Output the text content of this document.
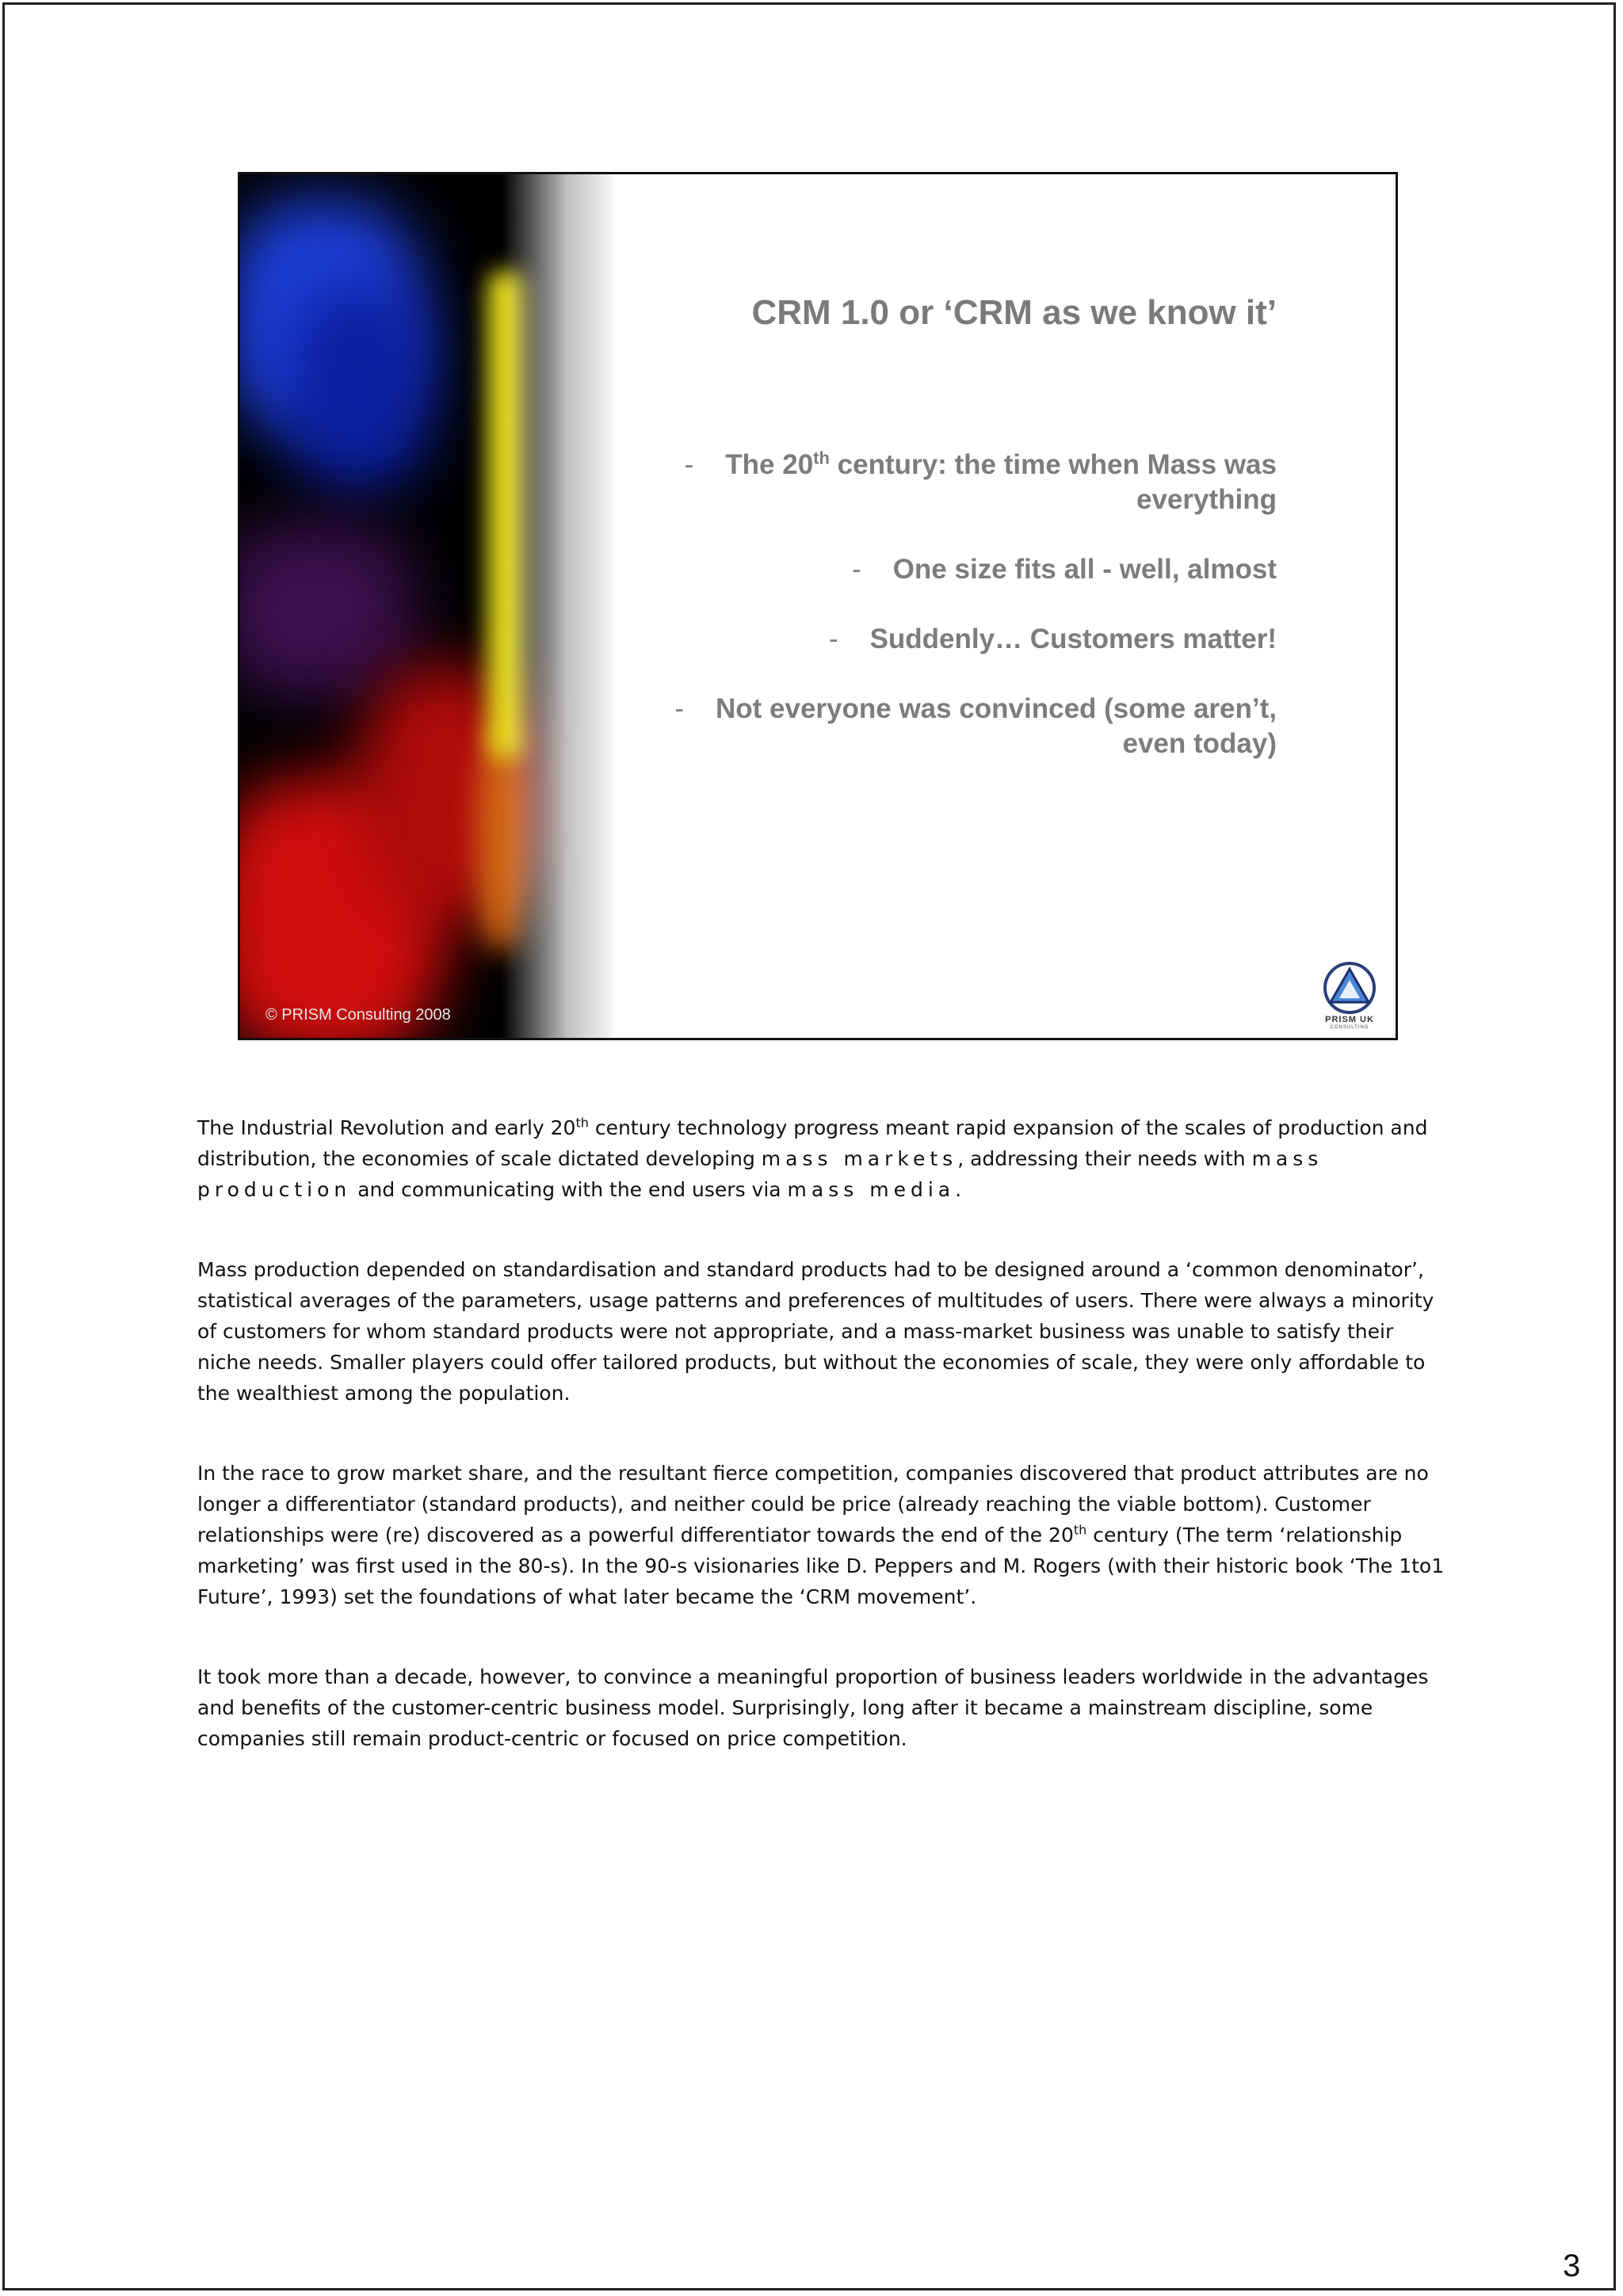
© PRISM Consulting 2008
CRM 1.0 or ‘CRM as we know it’
- The 20th century: the time when Mass was everything
- One size fits all - well, almost
- Suddenly… Customers matter!
- Not everyone was convinced (some aren’t, even today)
PRISM UK
CONSULTING

The Industrial Revolution and early 20th century technology progress meant rapid expansion of the scales of production and distribution, the economies of scale dictated developing mass markets, addressing their needs with mass production and communicating with the end users via mass media.

Mass production depended on standardisation and standard products had to be designed around a ‘common denominator’, statistical averages of the parameters, usage patterns and preferences of multitudes of users. There were always a minority of customers for whom standard products were not appropriate, and a mass-market business was unable to satisfy their niche needs. Smaller players could offer tailored products, but without the economies of scale, they were only affordable to the wealthiest among the population.

In the race to grow market share, and the resultant fierce competition, companies discovered that product attributes are no longer a differentiator (standard products), and neither could be price (already reaching the viable bottom). Customer relationships were (re) discovered as a powerful differentiator towards the end of the 20th century (The term ‘relationship marketing’ was first used in the 80-s). In the 90-s visionaries like D. Peppers and M. Rogers (with their historic book ‘The 1to1 Future’, 1993) set the foundations of what later became the ‘CRM movement’.

It took more than a decade, however, to convince a meaningful proportion of business leaders worldwide in the advantages and benefits of the customer-centric business model. Surprisingly, long after it became a mainstream discipline, some companies still remain product-centric or focused on price competition.

3
